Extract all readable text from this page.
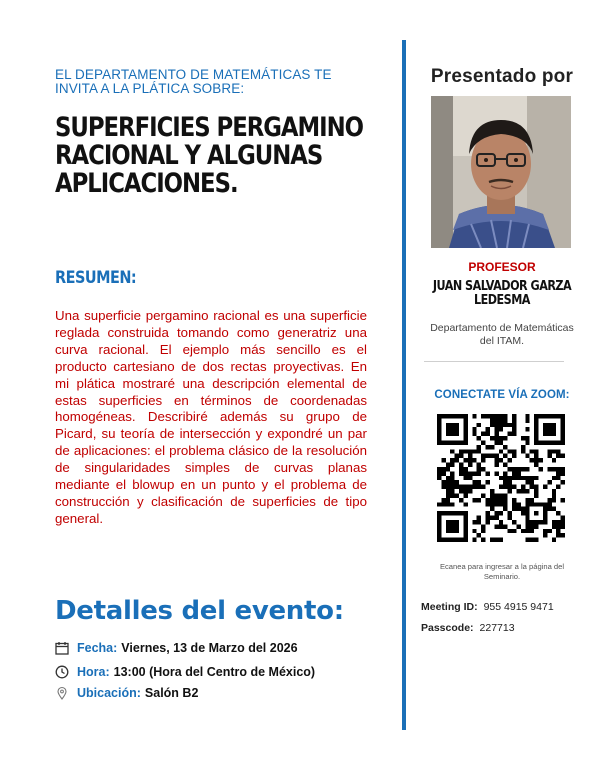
EL DEPARTAMENTO DE MATEMÁTICAS TE
INVITA A LA PLÁTICA SOBRE:
SUPERFICIES PERGAMINO
RACIONAL Y ALGUNAS
APLICACIONES.
RESUMEN:
Una superficie pergamino racional es una superficie reglada construida tomando como generatriz una curva racional. El ejemplo más sencillo es el producto cartesiano de dos rectas proyectivas. En mi plática mostraré una descripción elemental de estas superficies en términos de coordenadas homogéneas. Describiré además su grupo de Picard, su teoría de intersección y expondré un par de aplicaciones: el problema clásico de la resolución de singularidades simples de curvas planas mediante el blowup en un punto y el problema de construcción y clasificación de superficies de tipo general.
Detalles del evento:
Fecha: Viernes, 13 de Marzo del 2026
Hora: 13:00 (Hora del Centro de México)
Ubicación: Salón B2
Presentado por
PROFESOR
JUAN SALVADOR GARZA
LEDESMA
Departamento de Matemáticas
del ITAM.
CONECTATE VÍA ZOOM:
Ecanea para ingresar a la página del
Seminario.
Meeting ID: 955 4915 9471
Passcode: 227713
